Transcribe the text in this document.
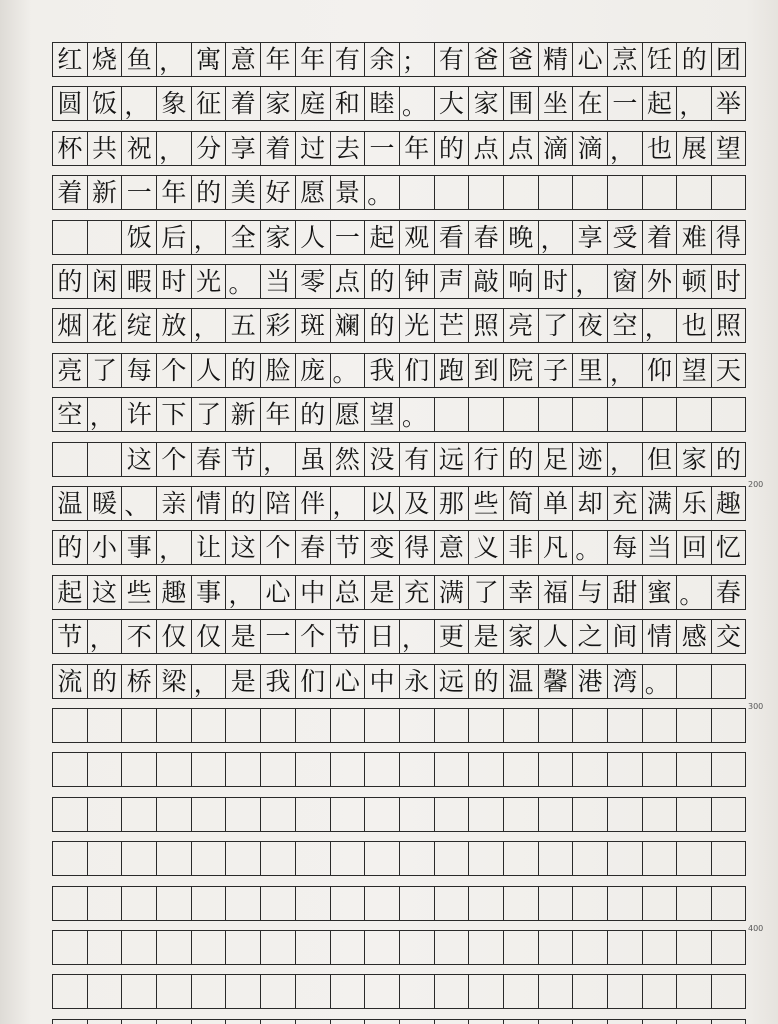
红 烧 鱼 ， 寓 意 年 年 有 余 ； 有 爸 爸 精 心 烹 饪 的 团
圆 饭 ， 象 征 着 家 庭 和 睦 。 大 家 围 坐 在 一 起 ， 举
杯 共 祝 ， 分 享 着 过 去 一 年 的 点 点 滴 滴 ， 也 展 望
着 新 一 年 的 美 好 愿 景 。
饭 后 ， 全 家 人 一 起 观 看 春 晚 ， 享 受 着 难 得
的 闲 暇 时 光 。 当 零 点 的 钟 声 敲 响 时 ， 窗 外 顿 时
烟 花 绽 放 ， 五 彩 斑 斓 的 光 芒 照 亮 了 夜 空 ， 也 照
亮 了 每 个 人 的 脸 庞 。 我 们 跑 到 院 子 里 ， 仰 望 天
空 ， 许 下 了 新 年 的 愿 望 。
这 个 春 节 ， 虽 然 没 有 远 行 的 足 迹 ， 但 家 的
温 暖 、 亲 情 的 陪 伴 ， 以 及 那 些 简 单 却 充 满 乐 趣
的 小 事 ， 让 这 个 春 节 变 得 意 义 非 凡 。 每 当 回 忆
起 这 些 趣 事 ， 心 中 总 是 充 满 了 幸 福 与 甜 蜜 。 春
节 ， 不 仅 仅 是 一 个 节 日 ， 更 是 家 人 之 间 情 感 交
流 的 桥 梁 ， 是 我 们 心 中 永 远 的 温 馨 港 湾 。
200
300
400
